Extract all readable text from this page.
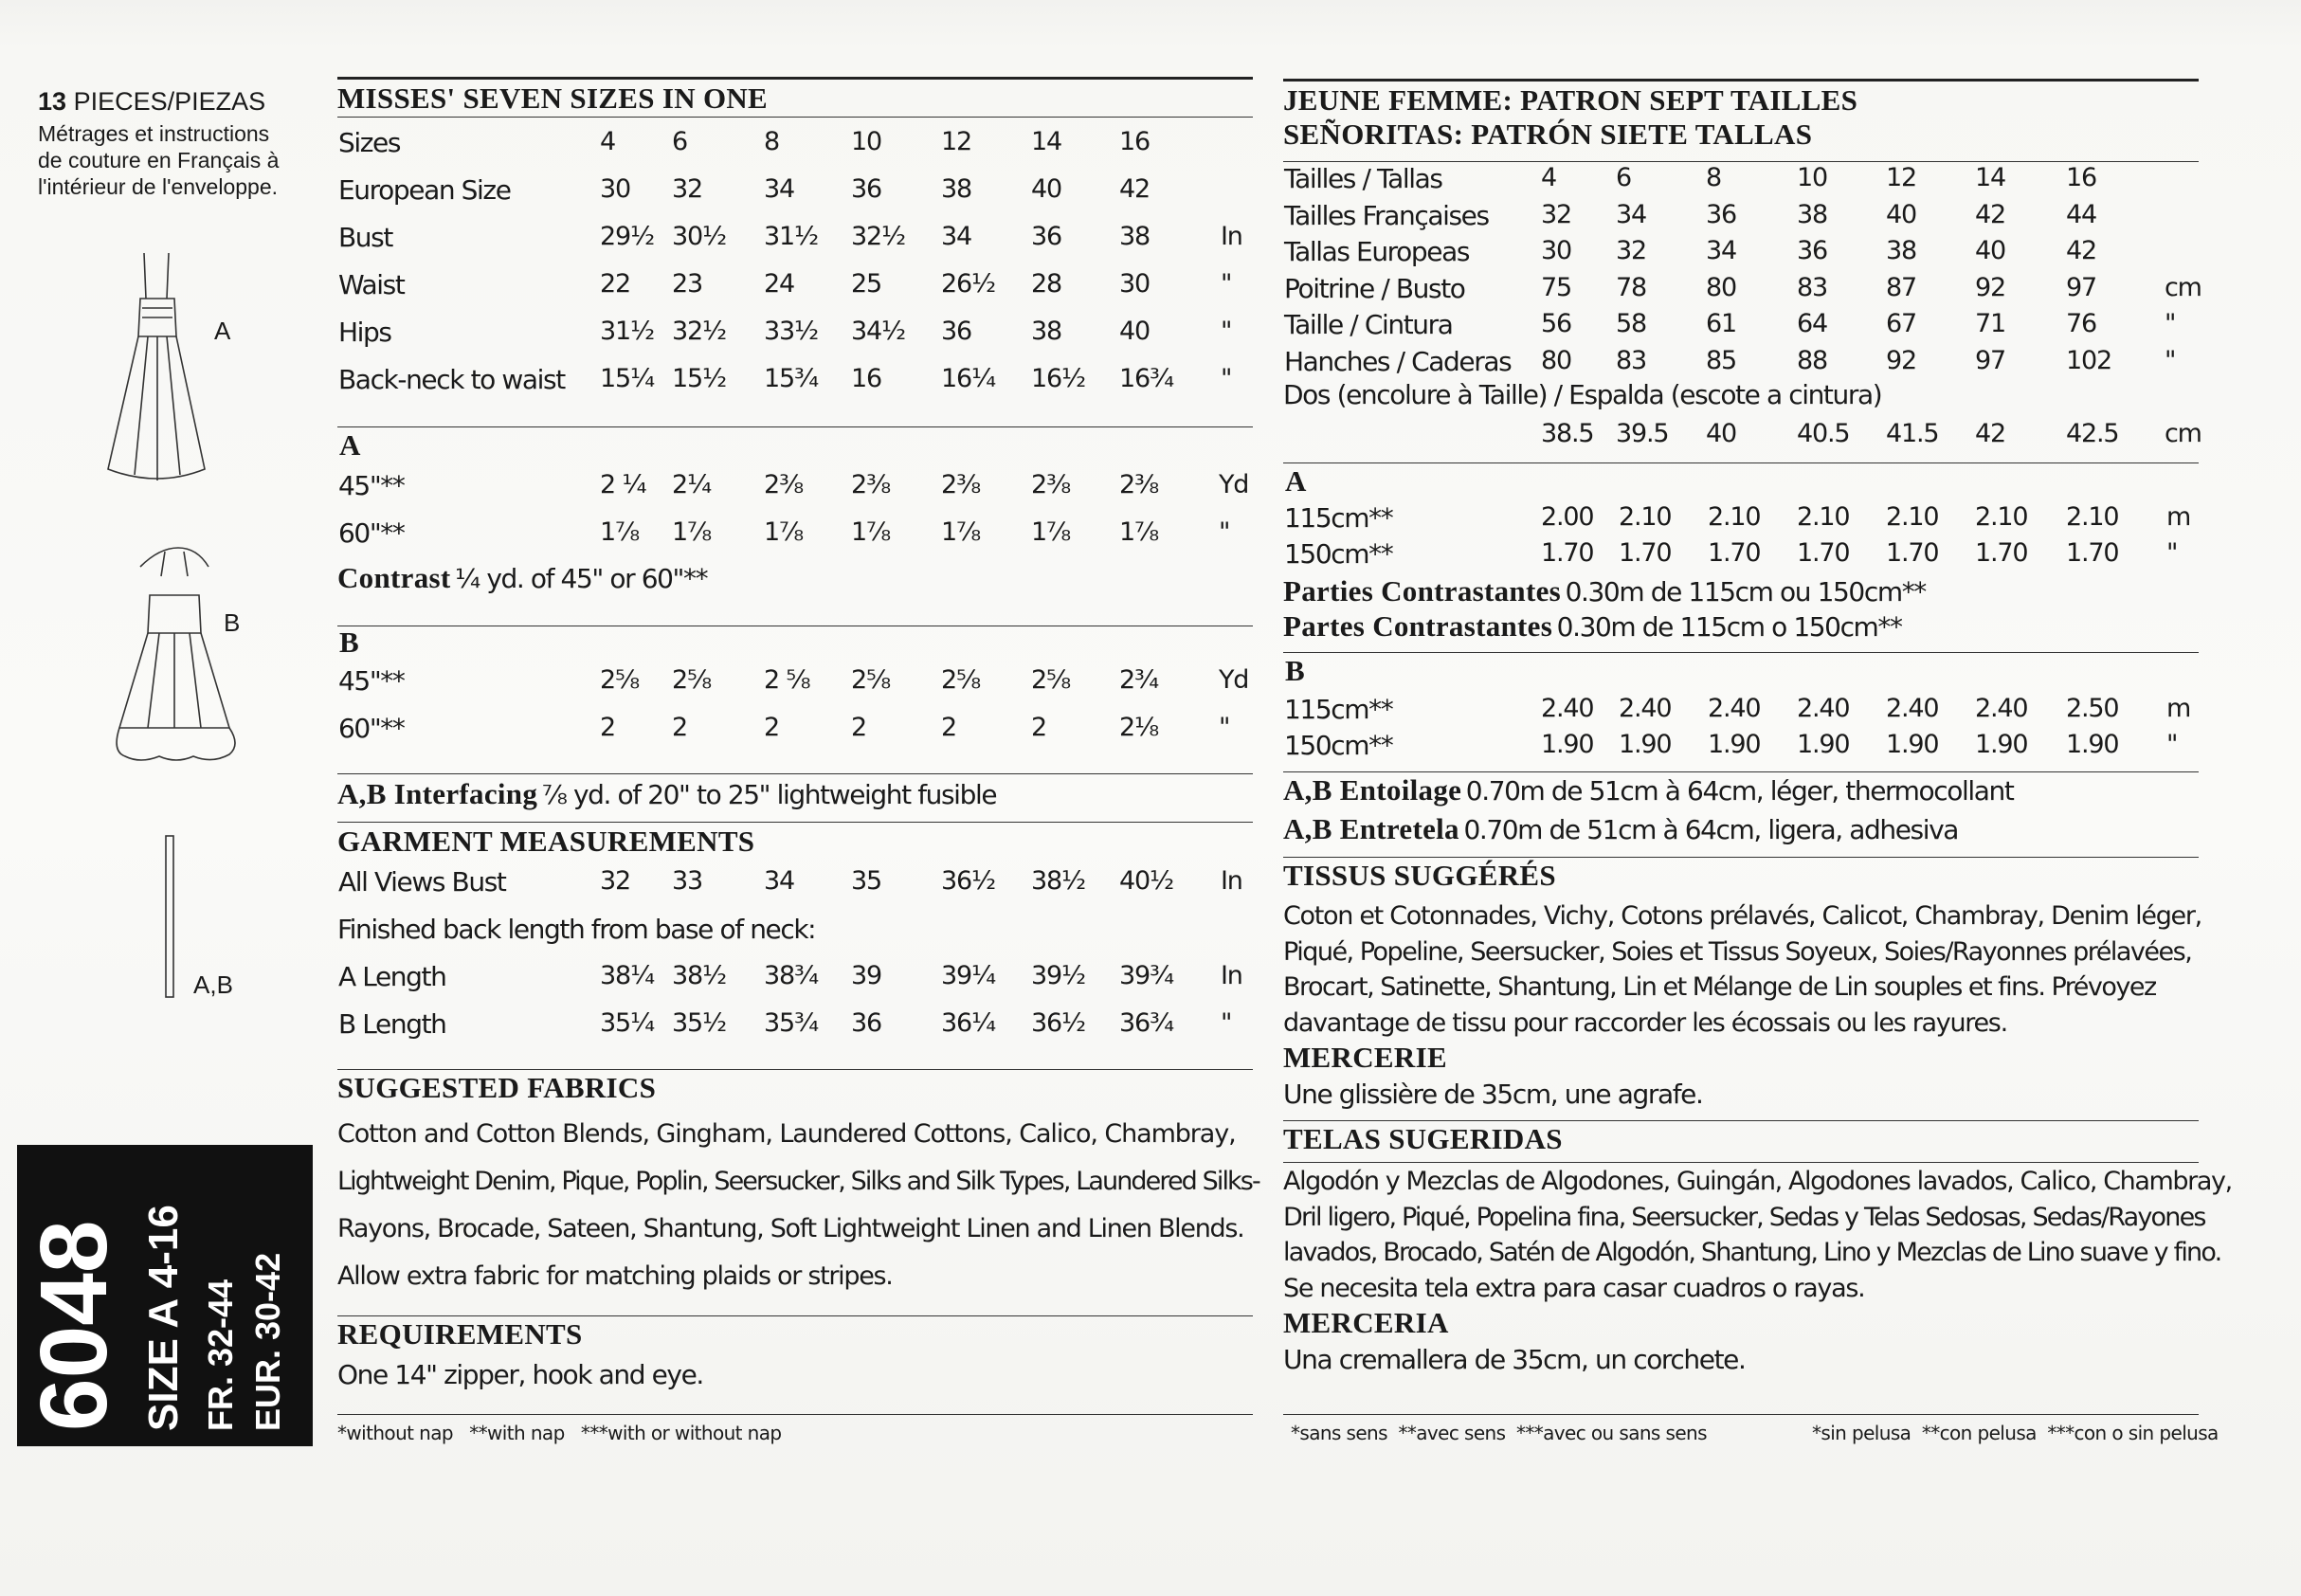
13 PIECES/PIEZAS
Métrages et instructions
de couture en Français à
l'intérieur de l'enveloppe.
A
B
A,B
6048 SIZE A 4-16 FR. 32-44 EUR. 30-42
MISSES' SEVEN SIZES IN ONE
Sizes	4 6	8	10 12 14 16
European Size	30 32 34 36 38 40 42
Bust	29½ 30½ 31½ 32½ 34 36 38	In
Waist	22 23 24 25 26½ 28 30	"
Hips	31½ 32½ 33½ 34½ 36 38 40	"
Back-neck to waist 15¼ 15½ 15¾ 16 16¼ 16½ 16¾ "
A
45"**	2 ¼ 2¼ 2⅜ 2⅜ 2⅜ 2⅜ 2⅜ Yd
60"**	1⅞ 1⅞ 1⅞ 1⅞ 1⅞ 1⅞ 1⅞ "
Contrast ¼ yd. of 45" or 60"**
B
45"**	2⅝ 2⅝ 2 ⅝ 2⅝ 2⅝ 2⅝ 2¾ Yd
60"**	2 2	2	2	2	2	2⅛ "
A,B Interfacing ⅞ yd. of 20" to 25" lightweight fusible
GARMENT MEASUREMENTS
All Views Bust	32 33 34 35 36½ 38½ 40½ In
Finished back length from base of neck:
A Length	38¼ 38½ 38¾ 39 39¼ 39½ 39¾ In
B Length	35¼ 35½ 35¾ 36 36¼ 36½ 36¾ "
SUGGESTED FABRICS
Cotton and Cotton Blends, Gingham, Laundered Cottons, Calico, Chambray,
Lightweight Denim, Pique, Poplin, Seersucker, Silks and Silk Types, Laundered Silks-
Rayons, Brocade, Sateen, Shantung, Soft Lightweight Linen and Linen Blends.
Allow extra fabric for matching plaids or stripes.
REQUIREMENTS
One 14" zipper, hook and eye.
*without nap   **with nap   ***with or without nap
JEUNE FEMME: PATRON SEPT TAILLES
SEÑORITAS: PATRÓN SIETE TALLAS
Tailles / Tallas	4 6	8	10 12 14 16
Tailles Françaises 32 34 36 38 40 42 44
Tallas Europeas	30 32 34 36 38 40 42
Poitrine / Busto	75 78 80 83 87 92 97	cm
Taille / Cintura	56 58 61 64 67 71 76	"
Hanches / Caderas 80 83 85 88 92 97 102 "
Dos (encolure à Taille) / Espalda (escote a cintura)
38.5 39.5 40 40.5 41.5 42 42.5 cm
A
115cm**	2.00 2.10 2.10 2.10 2.10 2.10 2.10 m
150cm**	1.70 1.70 1.70 1.70 1.70 1.70 1.70 "
Parties Contrastantes 0.30m de 115cm ou 150cm**
Partes Contrastantes 0.30m de 115cm o 150cm**
B
115cm**	2.40 2.40 2.40 2.40 2.40 2.40 2.50 m
150cm**	1.90 1.90 1.90 1.90 1.90 1.90 1.90 "
A,B Entoilage 0.70m de 51cm à 64cm, léger, thermocollant
A,B Entretela 0.70m de 51cm à 64cm, ligera, adhesiva
TISSUS SUGGÉRÉS
Coton et Cotonnades, Vichy, Cotons prélavés, Calicot, Chambray, Denim léger,
Piqué, Popeline, Seersucker, Soies et Tissus Soyeux, Soies/Rayonnes prélavées,
Brocart, Satinette, Shantung, Lin et Mélange de Lin souples et fins. Prévoyez
davantage de tissu pour raccorder les écossais ou les rayures.
MERCERIE
Une glissière de 35cm, une agrafe.
TELAS SUGERIDAS
Algodón y Mezclas de Algodones, Guingán, Algodones lavados, Calico, Chambray,
Dril ligero, Piqué, Popelina fina, Seersucker, Sedas y Telas Sedosas, Sedas/Rayones
lavados, Brocado, Satén de Algodón, Shantung, Lino y Mezclas de Lino suave y fino.
Se necesita tela extra para casar cuadros o rayas.
MERCERIA
Una cremallera de 35cm, un corchete.
*sans sens  **avec sens  ***avec ou sans sens	*sin pelusa  **con pelusa  ***con o sin pelusa
